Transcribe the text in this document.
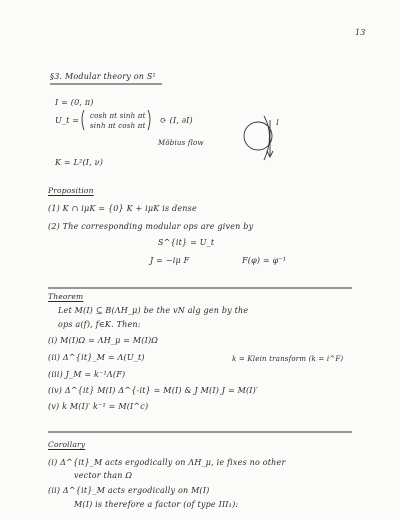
13
§3. Modular theory on S¹
I = (0, π)
U_t = cosh πt sinh πt
sinh πt cosh πt
⟳ (I, ∂I)
Möbius flow
K = L²(I, ν)
I
Proposition
(1) K ∩ iμK = {0} K + iμK is dense
(2) The corresponding modular ops are given by
S^{it} = U_t
J = −iμ F	F(φ) = φ⁻¹
Theorem
Let M(I) ⊆ B(ΛH_μ) be the vN alg gen by the
ops a(f), f∈K. Then:
(i) M(I)Ω = ΛH_μ = M(I)Ω
(ii) Δ^{it}_M = Λ(U_t)	k = Klein transform (k = i^F)
(iii) J_M = k⁻¹Λ(F)
(iv) Δ^{it} M(I) Δ^{-it} = M(I) & J M(I) J = M(I)′
(v) k M(I)′ k⁻¹ = M(I^c)
Corollary
(i) Δ^{it}_M acts ergodically on ΛH_μ, ie fixes no other
vector than Ω
(ii) Δ^{it}_M acts ergodically on M(I)
M(I) is therefore a factor (of type III₁):
